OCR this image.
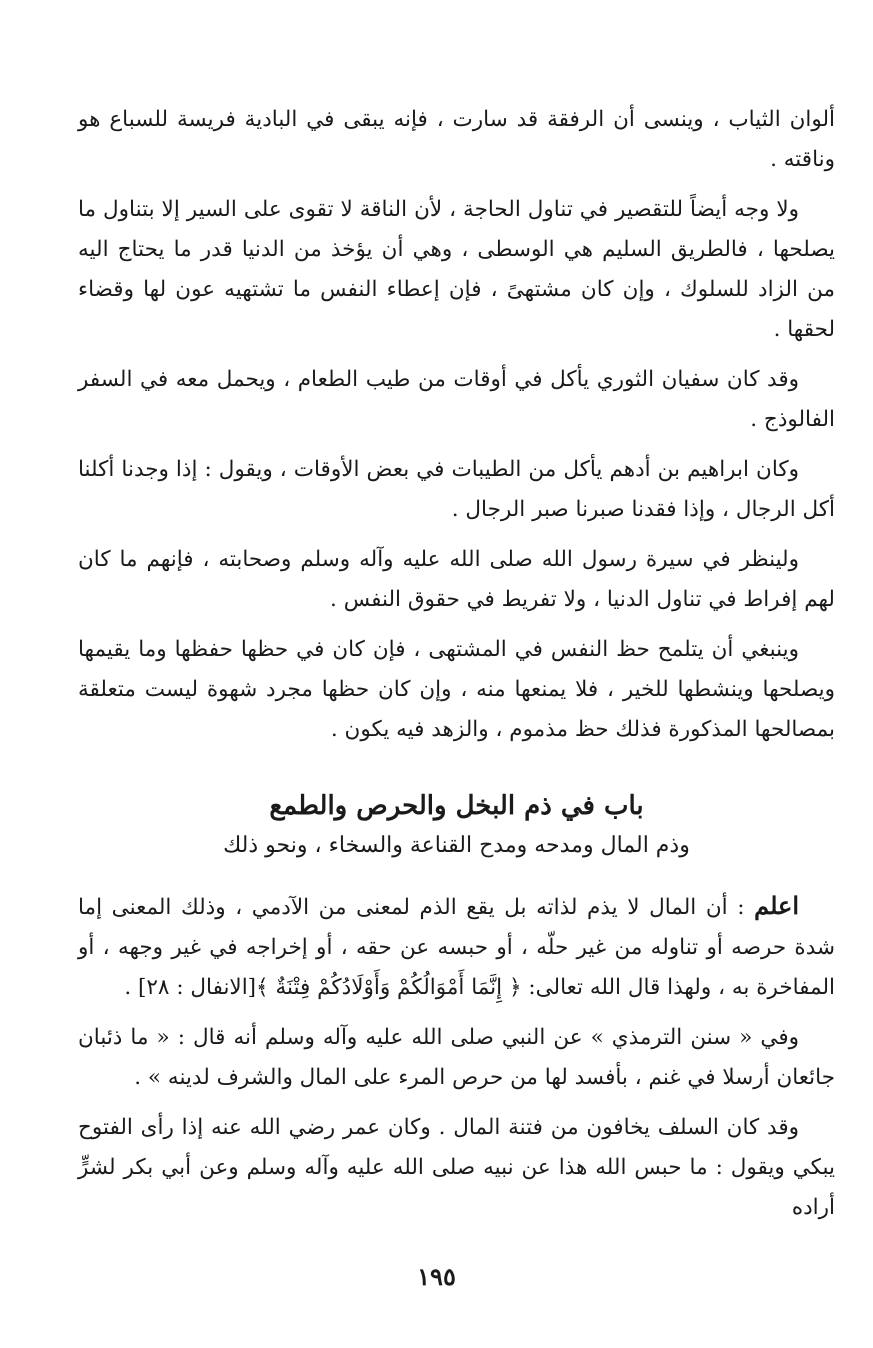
ألوان الثياب ، وينسى أن الرفقة قد سارت ، فإنه يبقى في البادية فريسة للسباع هو وناقته .

ولا وجه أيضاً للتقصير في تناول الحاجة ، لأن الناقة لا تقوى على السير إلا بتناول ما يصلحها ، فالطريق السليم هي الوسطى ، وهي أن يؤخذ من الدنيا قدر ما يحتاج اليه من الزاد للسلوك ، وإن كان مشتهىً ، فإن إعطاء النفس ما تشتهيه عون لها وقضاء لحقها .

وقد كان سفيان الثوري يأكل في أوقات من طيب الطعام ، ويحمل معه في السفر الفالوذج .

وكان ابراهيم بن أدهم يأكل من الطيبات في بعض الأوقات ، ويقول : إذا وجدنا أكلنا أكل الرجال ، وإذا فقدنا صبرنا صبر الرجال .

ولينظر في سيرة رسول الله صلى الله عليه وآله وسلم وصحابته ، فإنهم ما كان لهم إفراط في تناول الدنيا ، ولا تفريط في حقوق النفس .

وينبغي أن يتلمح حظ النفس في المشتهى ، فإن كان في حظها حفظها وما يقيمها ويصلحها وينشطها للخير ، فلا يمنعها منه ، وإن كان حظها مجرد شهوة ليست متعلقة بمصالحها المذكورة فذلك حظ مذموم ، والزهد فيه يكون .

باب في ذم البخل والحرص والطمع
وذم المال ومدحه ومدح القناعة والسخاء ، ونحو ذلك

اعلم : أن المال لا يذم لذاته بل يقع الذم لمعنى من الآدمي ، وذلك المعنى إما شدة حرصه أو تناوله من غير حلّه ، أو حبسه عن حقه ، أو إخراجه في غير وجهه ، أو المفاخرة به ، ولهذا قال الله تعالى: ﴿ إِنَّمَا أَمْوَالُكُمْ وَأَوْلَادُكُمْ فِتْنَةٌ ﴾[الانفال : ٢٨] .

وفي « سنن الترمذي » عن النبي صلى الله عليه وآله وسلم أنه قال : « ما ذئبان جائعان أرسلا في غنم ، بأفسد لها من حرص المرء على المال والشرف لدينه » .

وقد كان السلف يخافون من فتنة المال . وكان عمر رضي الله عنه إذا رأى الفتوح يبكي ويقول : ما حبس الله هذا عن نبيه صلى الله عليه وآله وسلم وعن أبي بكر لشرٍّ أراده

١٩٥
